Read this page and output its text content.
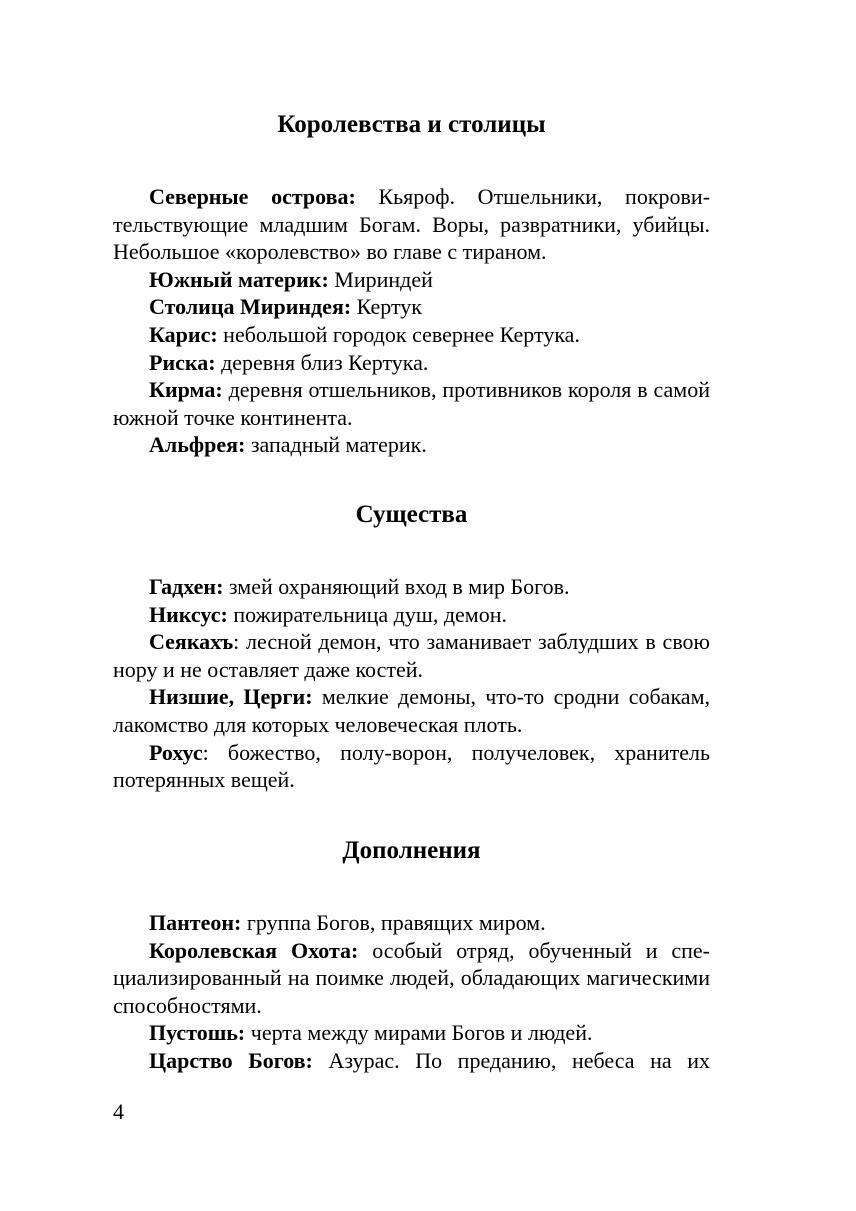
Королевства и столицы

Северные острова: Кьяроф. Отшельники, покровительствующие младшим Богам. Воры, развратники, убийцы. Небольшое «королевство» во главе с тираном.

Южный материк: Мириндей

Столица Мириндея: Кертук

Карис: небольшой городок севернее Кертука.

Риска: деревня близ Кертука.

Кирма: деревня отшельников, противников короля в самой южной точке континента.

Альфрея: западный материк.

Существа

Гадхен: змей охраняющий вход в мир Богов.

Никсус: пожирательница душ, демон.

Сеякахъ: лесной демон, что заманивает заблудших в свою нору и не оставляет даже костей.

Низшие, Церги: мелкие демоны, что-то сродни собакам, лакомство для которых человеческая плоть.

Рохус: божество, полу-ворон, получеловек, хранитель потерянных вещей.

Дополнения

Пантеон: группа Богов, правящих миром.

Королевская Охота: особый отряд, обученный и специализированный на поимке людей, обладающих магическими способностями.

Пустошь: черта между мирами Богов и людей.

Царство Богов: Азурас. По преданию, небеса на их

4
